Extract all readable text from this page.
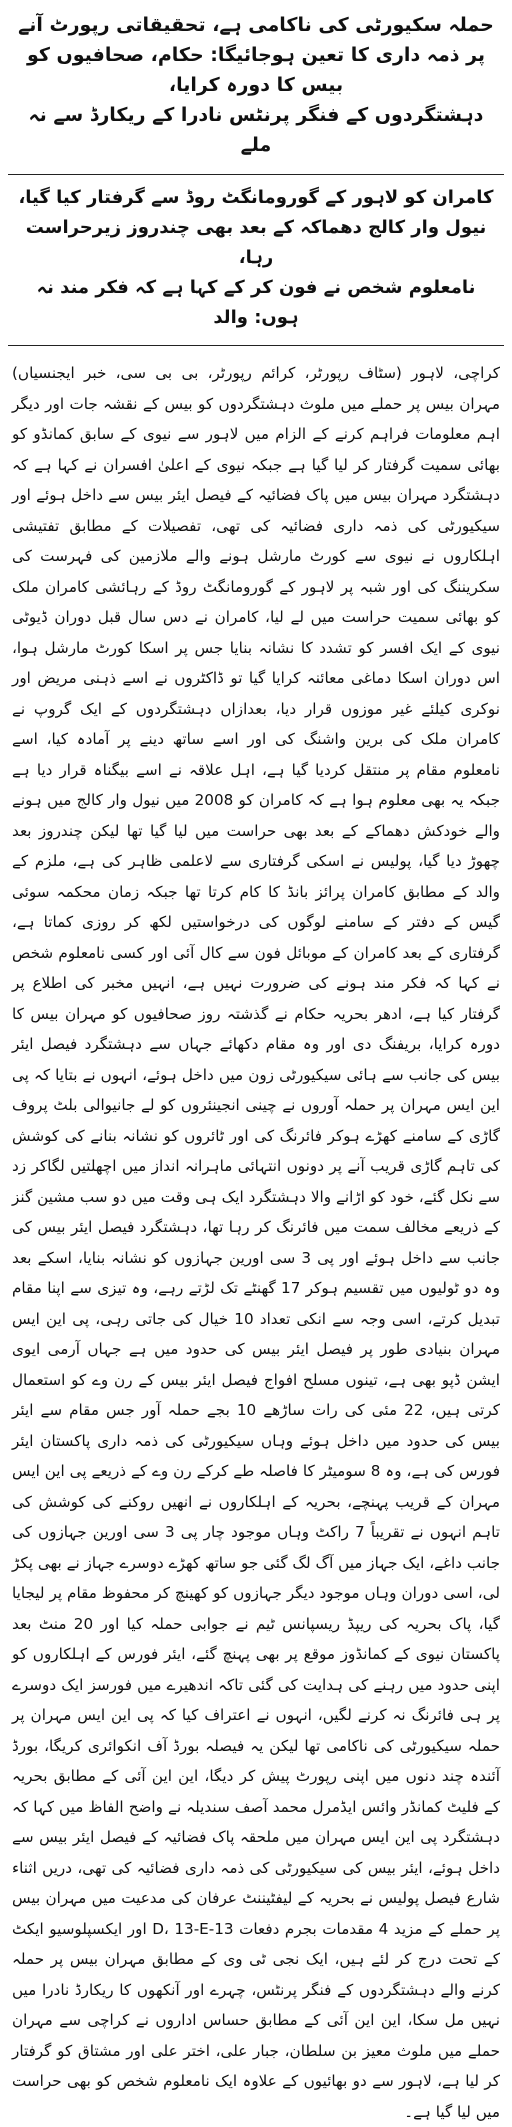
حملہ سکیورٹی کی ناکامی ہے، تحقیقاتی رپورٹ آنے پر ذمہ داری کا تعین ہوجائیگا: حکام، صحافیوں کو بیس کا دورہ کرایا،

دہشتگردوں کے فنگر پرنٹس نادرا کے ریکارڈ سے نہ ملے

کامران کو لاہور کے گورومانگٹ روڈ سے گرفتار کیا گیا، نیول وار کالج دھماکہ کے بعد بھی چندروز زیرحراست رہا،

نامعلوم شخص نے فون کر کے کہا ہے کہ فکر مند نہ ہوں: والد

کراچی، لاہور (سٹاف رپورٹر، کرائم رپورٹر، بی بی سی، خبر ایجنسیاں) مہران بیس پر حملے میں ملوث دہشتگردوں کو بیس کے نقشہ جات اور دیگر اہم معلومات فراہم کرنے کے الزام میں لاہور سے نیوی کے سابق کمانڈو کو بھائی سمیت گرفتار کر لیا گیا ہے جبکہ نیوی کے اعلیٰ افسران نے کہا ہے کہ دہشتگرد مہران بیس میں پاک فضائیہ کے فیصل ایئر بیس سے داخل ہوئے اور سیکیورٹی کی ذمہ داری فضائیہ کی تھی، تفصیلات کے مطابق تفتیشی اہلکاروں نے نیوی سے کورٹ مارشل ہونے والے ملازمین کی فہرست کی سکریننگ کی اور شبہ پر لاہور کے گورومانگٹ روڈ کے رہائشی کامران ملک کو بھائی سمیت حراست میں لے لیا، کامران نے دس سال قبل دوران ڈیوٹی نیوی کے ایک افسر کو تشدد کا نشانہ بنایا جس پر اسکا کورٹ مارشل ہوا، اس دوران اسکا دماغی معائنہ کرایا گیا تو ڈاکٹروں نے اسے ذہنی مریض اور نوکری کیلئے غیر موزوں قرار دیا، بعدازاں دہشتگردوں کے ایک گروپ نے کامران ملک کی برین واشنگ کی اور اسے ساتھ دینے پر آمادہ کیا، اسے نامعلوم مقام پر منتقل کردیا گیا ہے، اہل علاقہ نے اسے بیگناہ قرار دیا ہے جبکہ یہ بھی معلوم ہوا ہے کہ کامران کو 2008 میں نیول وار کالج میں ہونے والے خودکش دھماکے کے بعد بھی حراست میں لیا گیا تھا لیکن چندروز بعد چھوڑ دیا گیا، پولیس نے اسکی گرفتاری سے لاعلمی ظاہر کی ہے، ملزم کے والد کے مطابق کامران پرائز بانڈ کا کام کرتا تھا جبکہ زمان محکمہ سوئی گیس کے دفتر کے سامنے لوگوں کی درخواستیں لکھ کر روزی کماتا ہے، گرفتاری کے بعد کامران کے موبائل فون سے کال آئی اور کسی نامعلوم شخص نے کہا کہ فکر مند ہونے کی ضرورت نہیں ہے، انہیں مخبر کی اطلاع پر گرفتار کیا ہے، ادھر بحریہ حکام نے گذشتہ روز صحافیوں کو مہران بیس کا دورہ کرایا، بریفنگ دی اور وہ مقام دکھائے جہاں سے دہشتگرد فیصل ایئر بیس کی جانب سے ہائی سیکیورٹی زون میں داخل ہوئے، انہوں نے بتایا کہ پی این ایس مہران پر حملہ آوروں نے چینی انجینئروں کو لے جانیوالی بلٹ پروف گاڑی کے سامنے کھڑے ہوکر فائرنگ کی اور ٹائروں کو نشانہ بنانے کی کوشش کی تاہم گاڑی قریب آنے پر دونوں انتہائی ماہرانہ انداز میں اچھلتیں لگاکر زد سے نکل گئے، خود کو اڑانے والا دہشتگرد ایک ہی وقت میں دو سب مشین گنز کے ذریعے مخالف سمت میں فائرنگ کر رہا تھا، دہشتگرد فیصل ایئر بیس کی جانب سے داخل ہوئے اور پی 3 سی اورین جہازوں کو نشانہ بنایا، اسکے بعد وہ دو ٹولیوں میں تقسیم ہوکر 17 گھنٹے تک لڑتے رہے، وہ تیزی سے اپنا مقام تبدیل کرتے، اسی وجہ سے انکی تعداد 10 خیال کی جاتی رہی، پی این ایس مہران بنیادی طور پر فیصل ایئر بیس کی حدود میں ہے جہاں آرمی ایوی ایشن ڈپو بھی ہے، تینوں مسلح افواج فیصل ایئر بیس کے رن وے کو استعمال کرتی ہیں، 22 مئی کی رات ساڑھے 10 بجے حملہ آور جس مقام سے ایئر بیس کی حدود میں داخل ہوئے وہاں سیکیورٹی کی ذمہ داری پاکستان ایئر فورس کی ہے، وہ 8 سومیٹر کا فاصلہ طے کرکے رن وے کے ذریعے پی این ایس مہران کے قریب پہنچے، بحریہ کے اہلکاروں نے انھیں روکنے کی کوشش کی تاہم انہوں نے تقریباً 7 راکٹ وہاں موجود چار پی 3 سی اورین جہازوں کی جانب داغے، ایک جہاز میں آگ لگ گئی جو ساتھ کھڑے دوسرے جہاز نے بھی پکڑ لی، اسی دوران وہاں موجود دیگر جہازوں کو کھینچ کر محفوظ مقام پر لیجایا گیا، پاک بحریہ کی ریپڈ ریسپانس ٹیم نے جوابی حملہ کیا اور 20 منٹ بعد پاکستان نیوی کے کمانڈوز موقع پر بھی پہنچ گئے، ایئر فورس کے اہلکاروں کو اپنی حدود میں رہنے کی ہدایت کی گئی تاکہ اندھیرے میں فورسز ایک دوسرے پر ہی فائرنگ نہ کرنے لگیں، انہوں نے اعتراف کیا کہ پی این ایس مہران پر حملہ سیکیورٹی کی ناکامی تھا لیکن یہ فیصلہ بورڈ آف انکوائری کریگا، بورڈ آئندہ چند دنوں میں اپنی رپورٹ پیش کر دیگا، این این آئی کے مطابق بحریہ کے فلیٹ کمانڈر وائس ایڈمرل محمد آصف سندیلہ نے واضح الفاظ میں کہا کہ دہشتگرد پی این ایس مہران میں ملحقہ پاک فضائیہ کے فیصل ایئر بیس سے داخل ہوئے، ایئر بیس کی سیکیورٹی کی ذمہ داری فضائیہ کی تھی، دریں اثناء شارع فیصل پولیس نے بحریہ کے لیفٹیننٹ عرفان کی مدعیت میں مہران بیس پر حملے کے مزید 4 مقدمات بجرم دفعات 13-D، 13-E اور ایکسپلوسیو ایکٹ کے تحت درج کر لئے ہیں، ایک نجی ٹی وی کے مطابق مہران بیس پر حملہ کرنے والے دہشتگردوں کے فنگر پرنٹس، چہرے اور آنکھوں کا ریکارڈ نادرا میں نہیں مل سکا، این این آئی کے مطابق حساس اداروں نے کراچی سے مہران حملے میں ملوث معیز بن سلطان، جبار علی، اختر علی اور مشتاق کو گرفتار کر لیا ہے، لاہور سے دو بھائیوں کے علاوہ ایک نامعلوم شخص کو بھی حراست میں لیا گیا ہے۔
